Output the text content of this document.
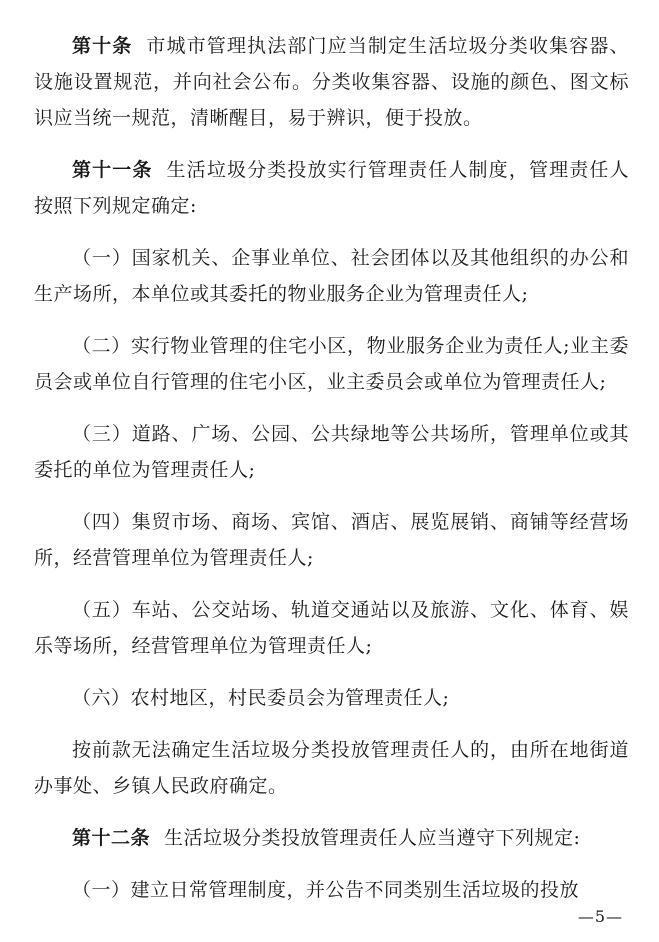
第十条 市城市管理执法部门应当制定生活垃圾分类收集容器、设施设置规范，并向社会公布。分类收集容器、设施的颜色、图文标识应当统一规范，清晰醒目，易于辨识，便于投放。

第十一条 生活垃圾分类投放实行管理责任人制度，管理责任人按照下列规定确定:

（一）国家机关、企事业单位、社会团体以及其他组织的办公和生产场所，本单位或其委托的物业服务企业为管理责任人;

（二）实行物业管理的住宅小区，物业服务企业为责任人;业主委员会或单位自行管理的住宅小区，业主委员会或单位为管理责任人;

（三）道路、广场、公园、公共绿地等公共场所，管理单位或其委托的单位为管理责任人;

（四）集贸市场、商场、宾馆、酒店、展览展销、商铺等经营场所，经营管理单位为管理责任人;

（五）车站、公交站场、轨道交通站以及旅游、文化、体育、娱乐等场所，经营管理单位为管理责任人;

（六）农村地区，村民委员会为管理责任人;

按前款无法确定生活垃圾分类投放管理责任人的，由所在地街道办事处、乡镇人民政府确定。

第十二条 生活垃圾分类投放管理责任人应当遵守下列规定:

（一）建立日常管理制度，并公告不同类别生活垃圾的投放

—5—
